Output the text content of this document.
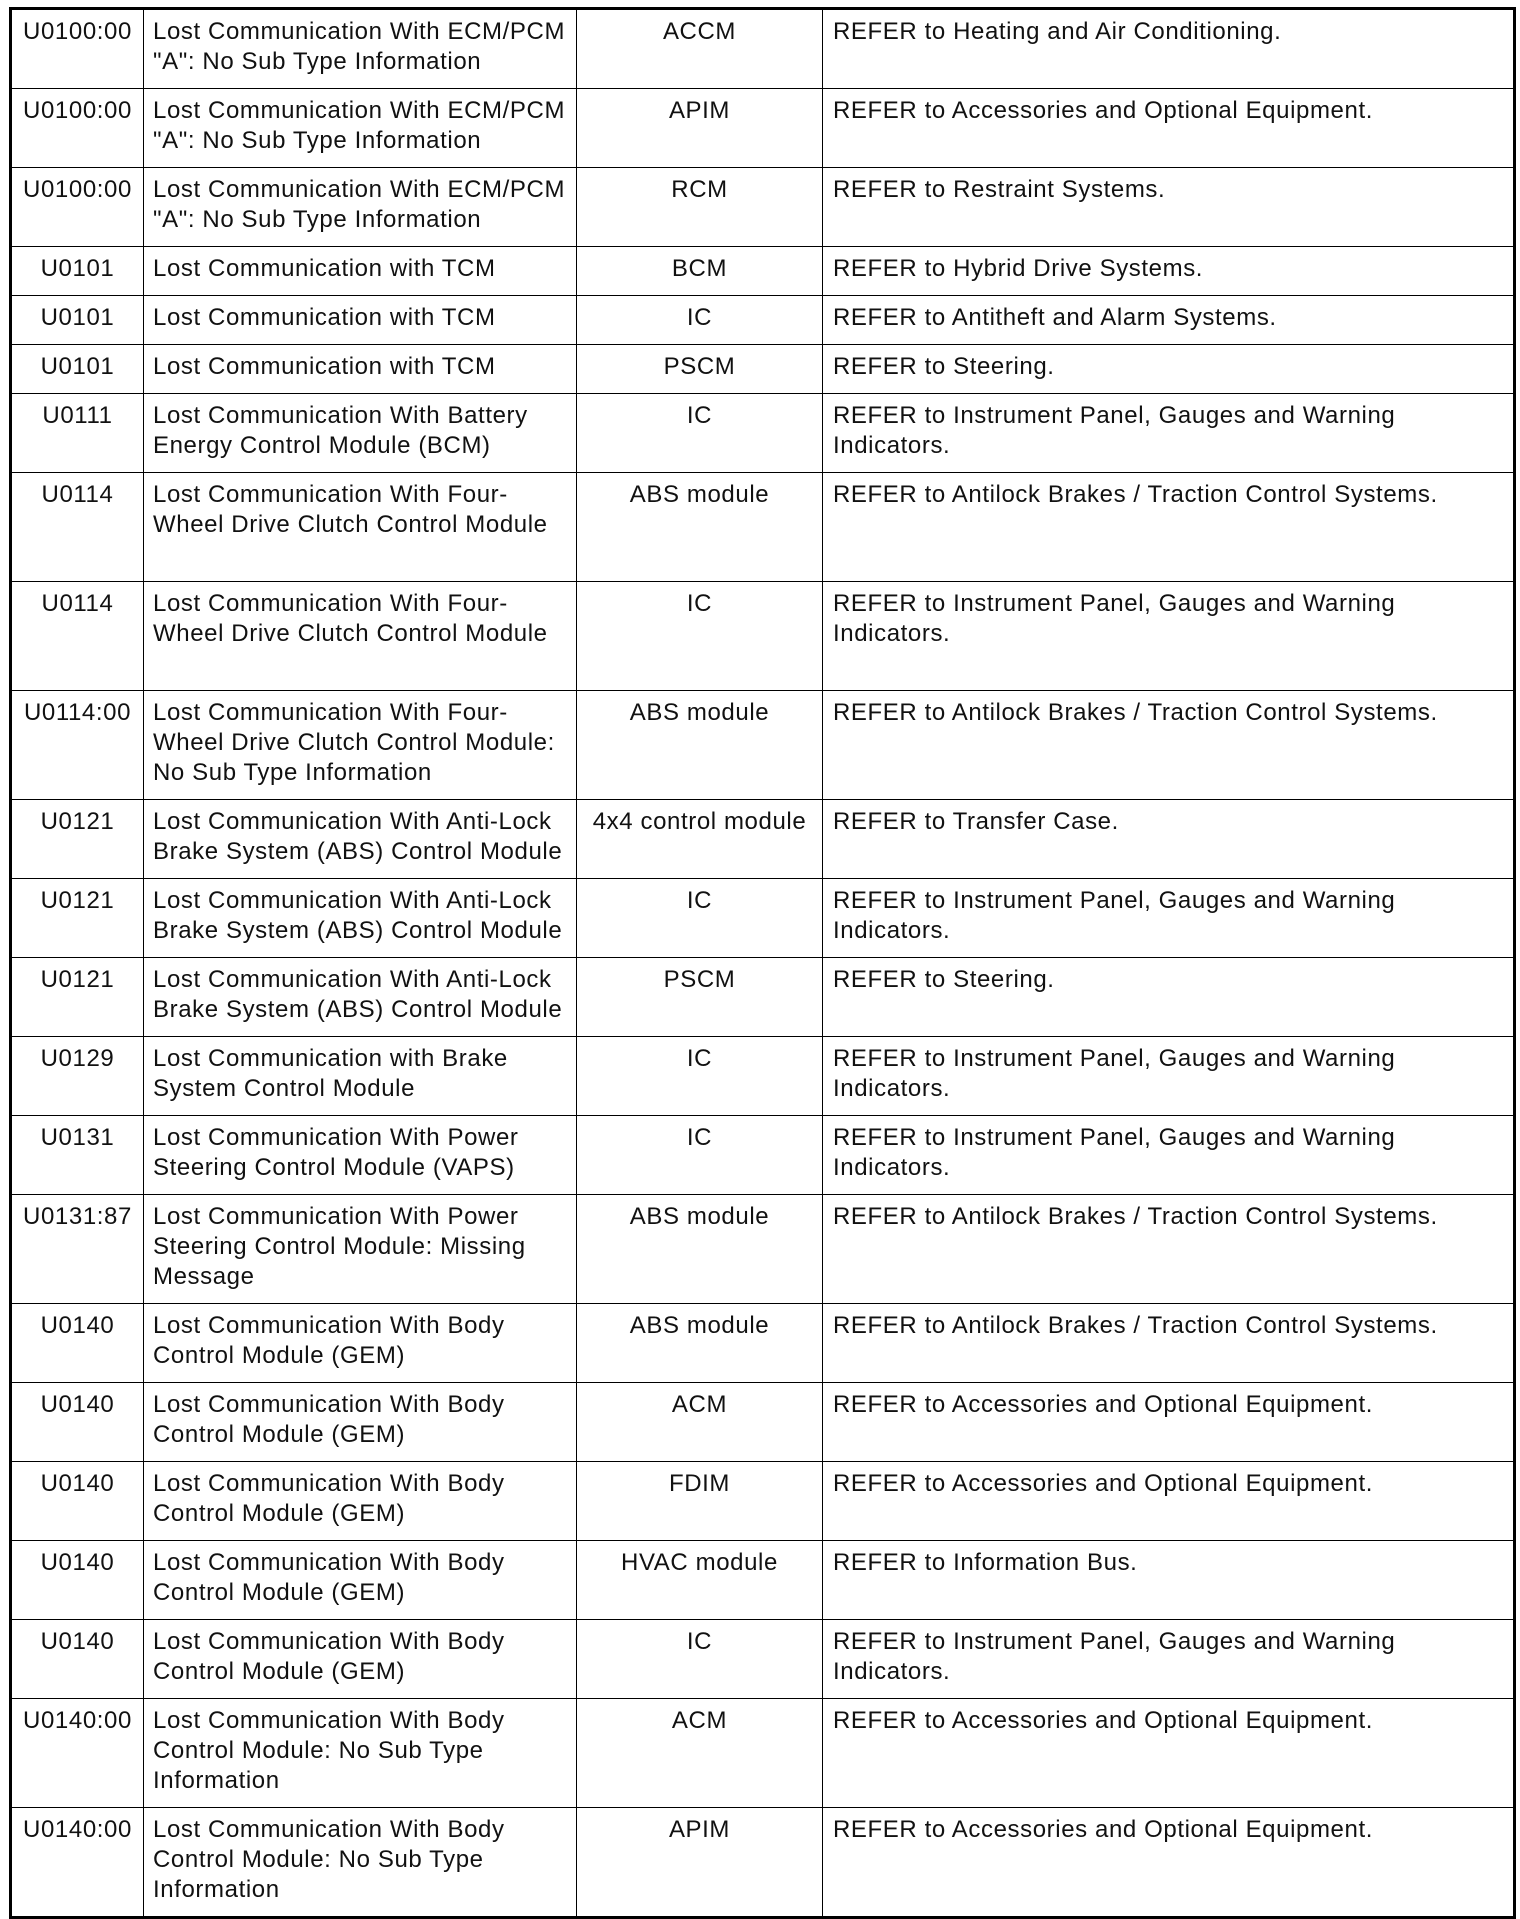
U0100:00	Lost Communication With ECM/PCM "A": No Sub Type Information	ACCM	REFER to Heating and Air Conditioning.
U0100:00	Lost Communication With ECM/PCM "A": No Sub Type Information	APIM	REFER to Accessories and Optional Equipment.
U0100:00	Lost Communication With ECM/PCM "A": No Sub Type Information	RCM	REFER to Restraint Systems.
U0101	Lost Communication with TCM	BCM	REFER to Hybrid Drive Systems.
U0101	Lost Communication with TCM	IC	REFER to Antitheft and Alarm Systems.
U0101	Lost Communication with TCM	PSCM	REFER to Steering.
U0111	Lost Communication With Battery Energy Control Module (BCM)	IC	REFER to Instrument Panel, Gauges and Warning Indicators.
U0114	Lost Communication With Four-Wheel Drive Clutch Control Module	ABS module	REFER to Antilock Brakes / Traction Control Systems.
U0114	Lost Communication With Four-Wheel Drive Clutch Control Module	IC	REFER to Instrument Panel, Gauges and Warning Indicators.
U0114:00	Lost Communication With Four-Wheel Drive Clutch Control Module: No Sub Type Information	ABS module	REFER to Antilock Brakes / Traction Control Systems.
U0121	Lost Communication With Anti-Lock Brake System (ABS) Control Module	4x4 control module	REFER to Transfer Case.
U0121	Lost Communication With Anti-Lock Brake System (ABS) Control Module	IC	REFER to Instrument Panel, Gauges and Warning Indicators.
U0121	Lost Communication With Anti-Lock Brake System (ABS) Control Module	PSCM	REFER to Steering.
U0129	Lost Communication with Brake System Control Module	IC	REFER to Instrument Panel, Gauges and Warning Indicators.
U0131	Lost Communication With Power Steering Control Module (VAPS)	IC	REFER to Instrument Panel, Gauges and Warning Indicators.
U0131:87	Lost Communication With Power Steering Control Module: Missing Message	ABS module	REFER to Antilock Brakes / Traction Control Systems.
U0140	Lost Communication With Body Control Module (GEM)	ABS module	REFER to Antilock Brakes / Traction Control Systems.
U0140	Lost Communication With Body Control Module (GEM)	ACM	REFER to Accessories and Optional Equipment.
U0140	Lost Communication With Body Control Module (GEM)	FDIM	REFER to Accessories and Optional Equipment.
U0140	Lost Communication With Body Control Module (GEM)	HVAC module	REFER to Information Bus.
U0140	Lost Communication With Body Control Module (GEM)	IC	REFER to Instrument Panel, Gauges and Warning Indicators.
U0140:00	Lost Communication With Body Control Module: No Sub Type Information	ACM	REFER to Accessories and Optional Equipment.
U0140:00	Lost Communication With Body Control Module: No Sub Type Information	APIM	REFER to Accessories and Optional Equipment.
